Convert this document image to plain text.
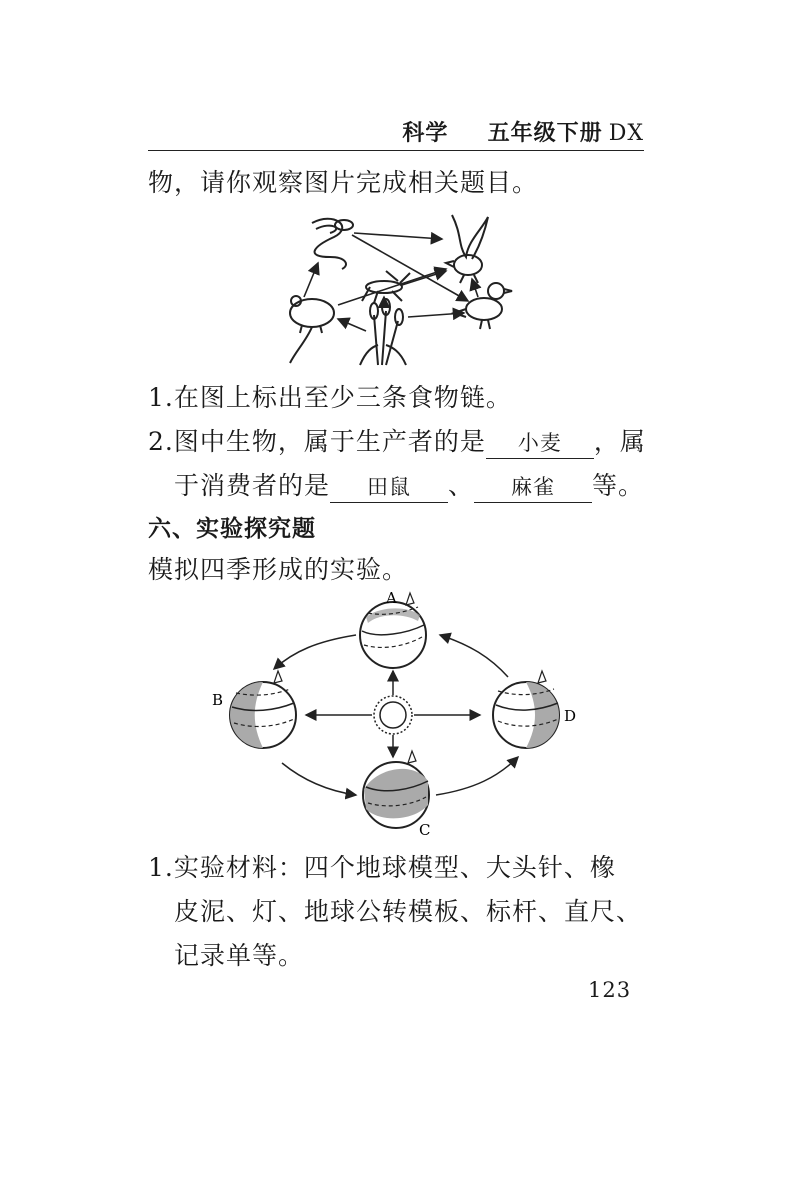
科学 五年级下册 DX
物，请你观察图片完成相关题目。
1.在图上标出至少三条食物链。
2.图中生物，属于生产者的是 小麦 ，属
于消费者的是 田鼠 、 麻雀 等。
六、实验探究题
模拟四季形成的实验。
A
B
D
C
1.实验材料：四个地球模型、大头针、橡
皮泥、灯、地球公转模板、标杆、直尺、
记录单等。
123
